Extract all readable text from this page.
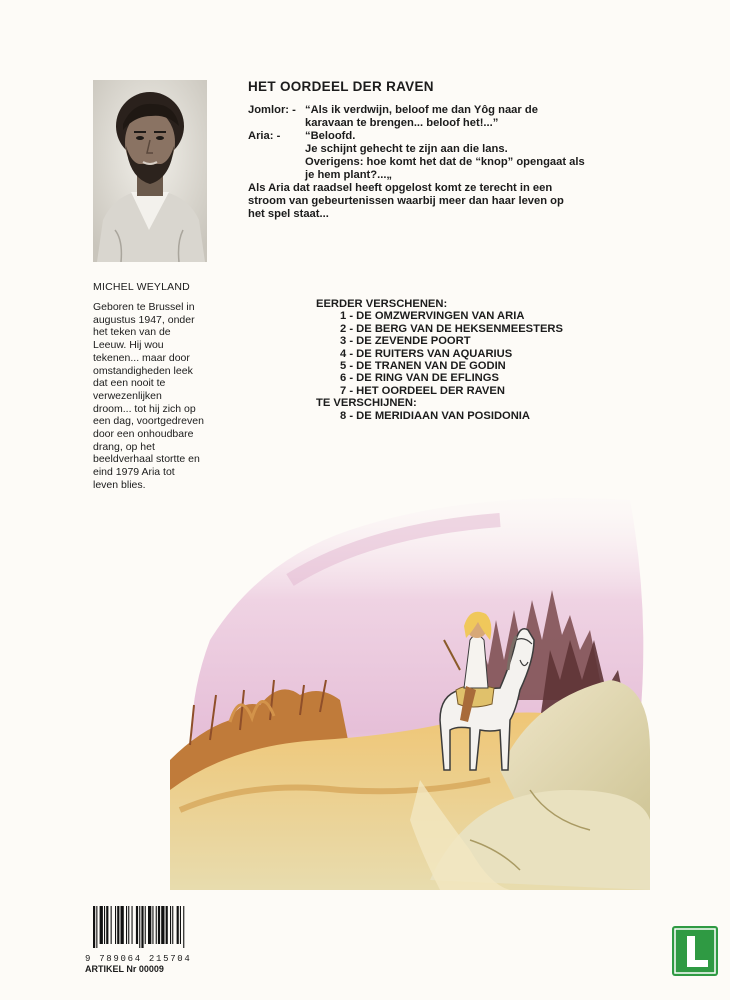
MICHEL WEYLAND
Geboren te Brussel in
augustus 1947, onder
het teken van de
Leeuw. Hij wou
tekenen... maar door
omstandigheden leek
dat een nooit te
verwezenlijken
droom... tot hij zich op
een dag, voortgedreven
door een onhoudbare
drang, op het
beeldverhaal stortte en
eind 1979 Aria tot
leven blies.
HET OORDEEL DER RAVEN
Jomlor: - “Als ik verdwijn, beloof me dan Yôg naar de
karavaan te brengen... beloof het!...”
Aria: -	“Beloofd.
Je schijnt gehecht te zijn aan die lans.
Overigens: hoe komt het dat de “knop” opengaat als
je hem plant?...„
Als Aria dat raadsel heeft opgelost komt ze terecht in een
stroom van gebeurtenissen waarbij meer dan haar leven op
het spel staat...
EERDER VERSCHENEN:
1 - DE OMZWERVINGEN VAN ARIA
2 - DE BERG VAN DE HEKSENMEESTERS
3 - DE ZEVENDE POORT
4 - DE RUITERS VAN AQUARIUS
5 - DE TRANEN VAN DE GODIN
6 - DE RING VAN DE EFLINGS
7 - HET OORDEEL DER RAVEN
TE VERSCHIJNEN:
8 - DE MERIDIAAN VAN POSIDONIA
9 789064 215704
ARTIKEL Nr 00009
